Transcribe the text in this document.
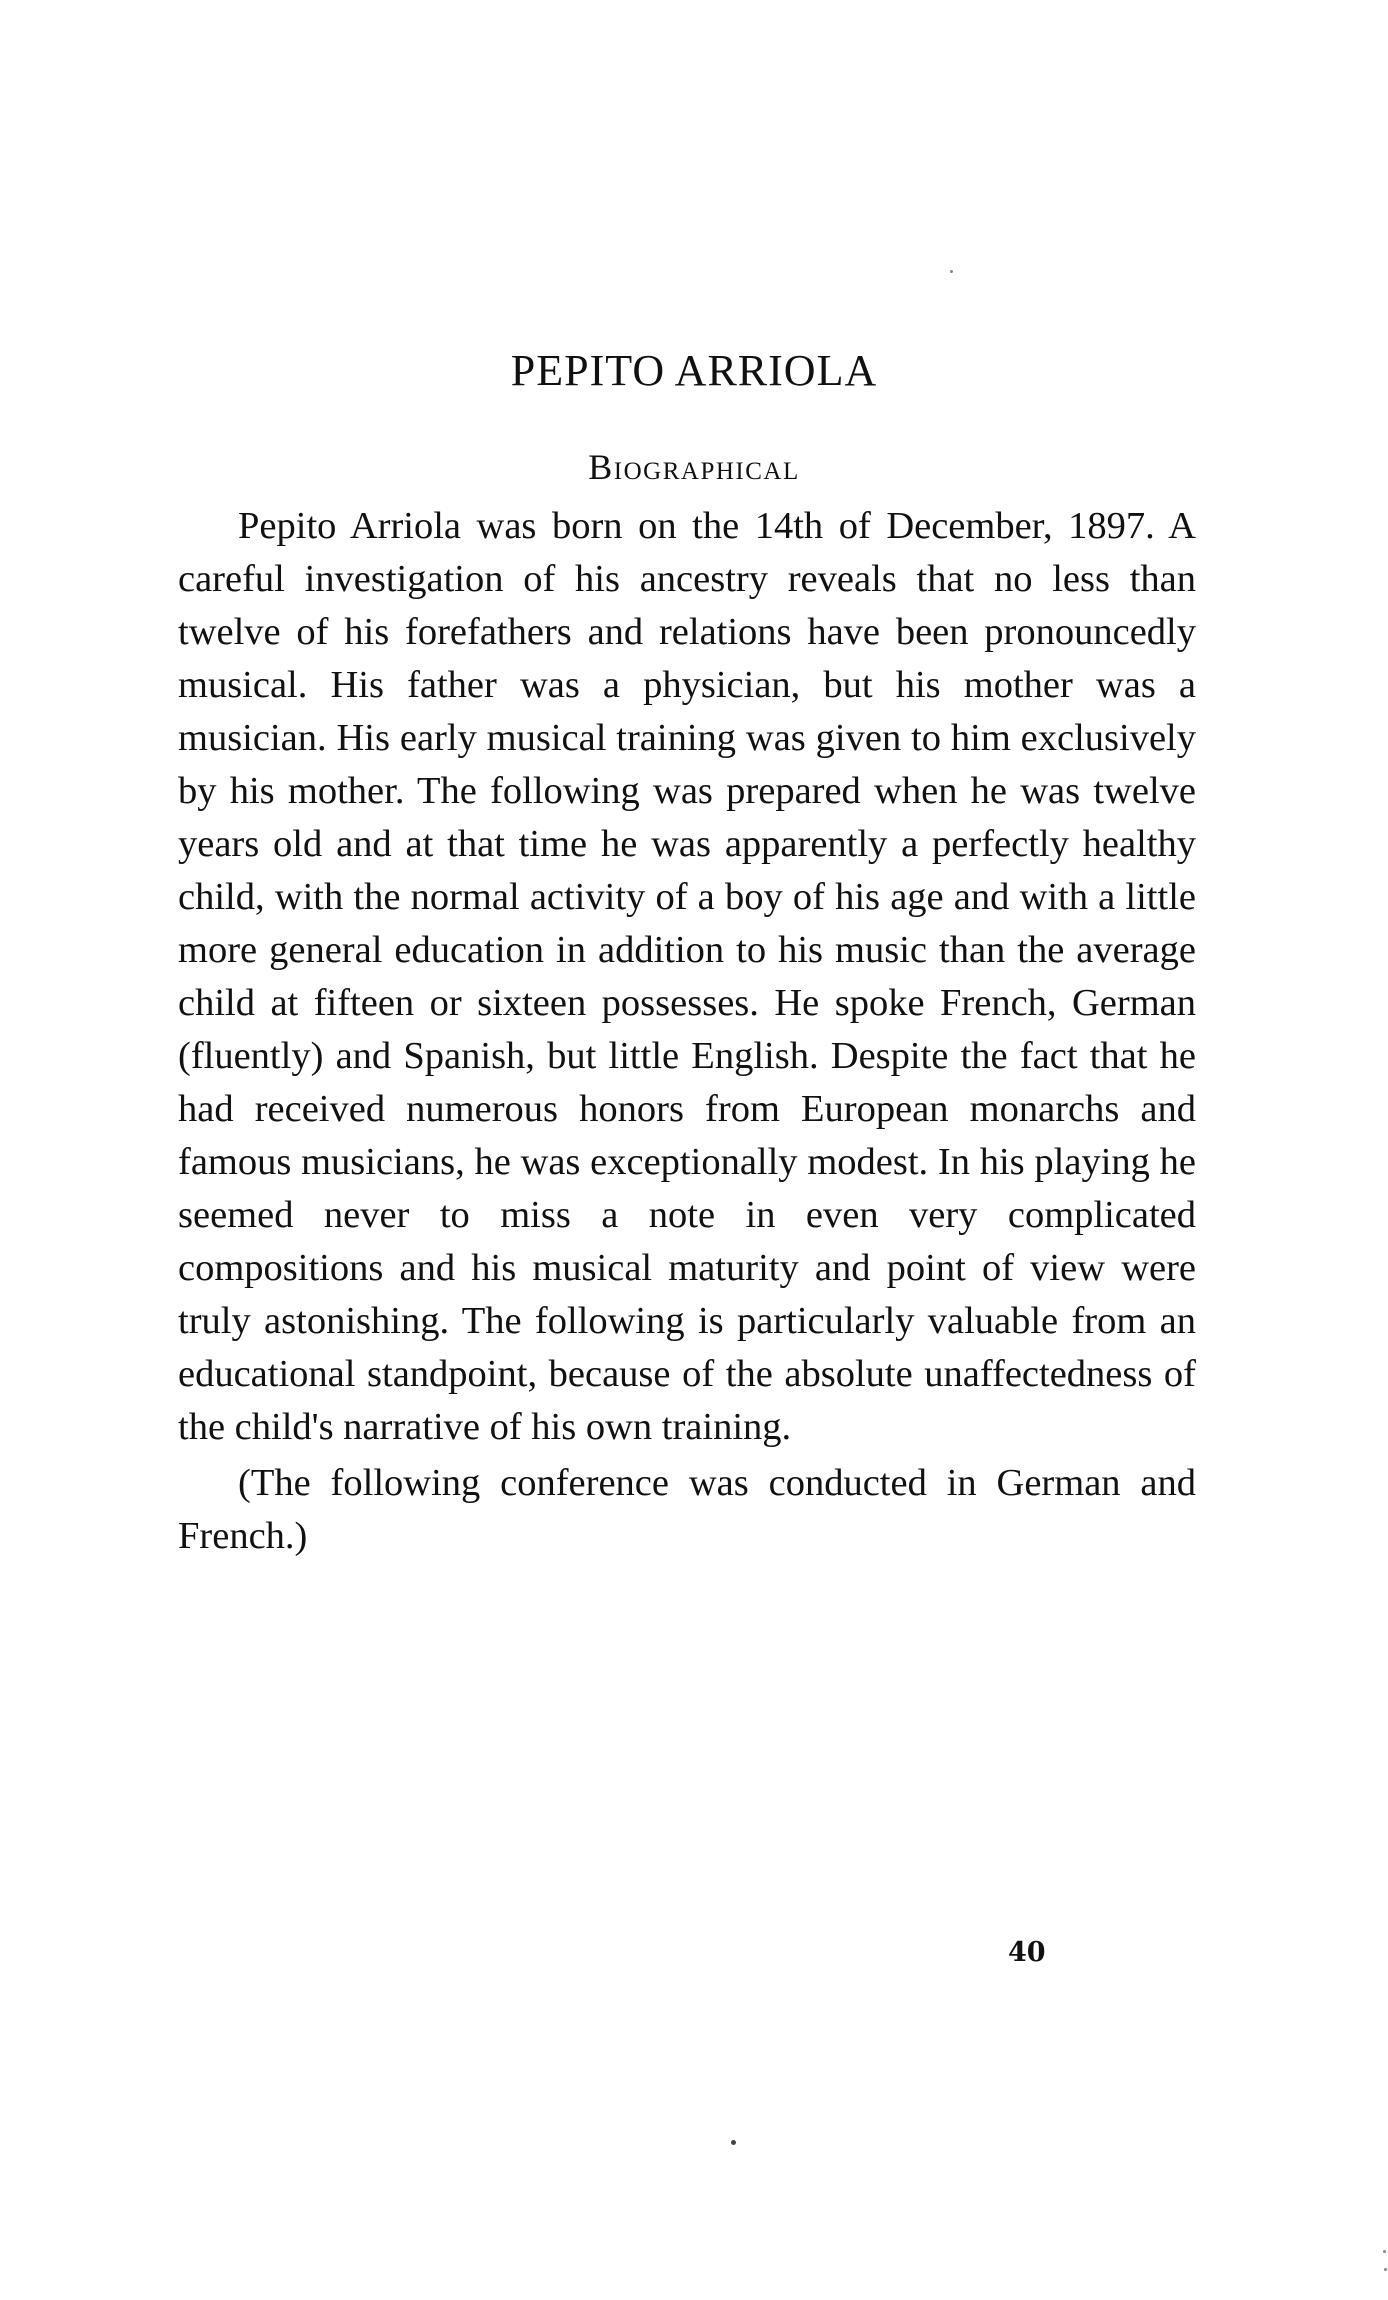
PEPITO ARRIOLA
Biographical

Pepito Arriola was born on the 14th of December, 1897. A careful investigation of his ancestry reveals that no less than twelve of his forefathers and relations have been pronouncedly musical. His father was a physician, but his mother was a musician. His early musical training was given to him exclusively by his mother. The following was prepared when he was twelve years old and at that time he was apparently a perfectly healthy child, with the normal activity of a boy of his age and with a little more general education in addition to his music than the average child at fifteen or sixteen possesses. He spoke French, German (fluently) and Spanish, but little English. Despite the fact that he had received numerous honors from European monarchs and famous musicians, he was exceptionally modest. In his playing he seemed never to miss a note in even very complicated compositions and his musical maturity and point of view were truly astonishing. The following is particularly valuable from an educational standpoint, because of the absolute unaffectedness of the child's narrative of his own training.

(The following conference was conducted in German and French.)

40
